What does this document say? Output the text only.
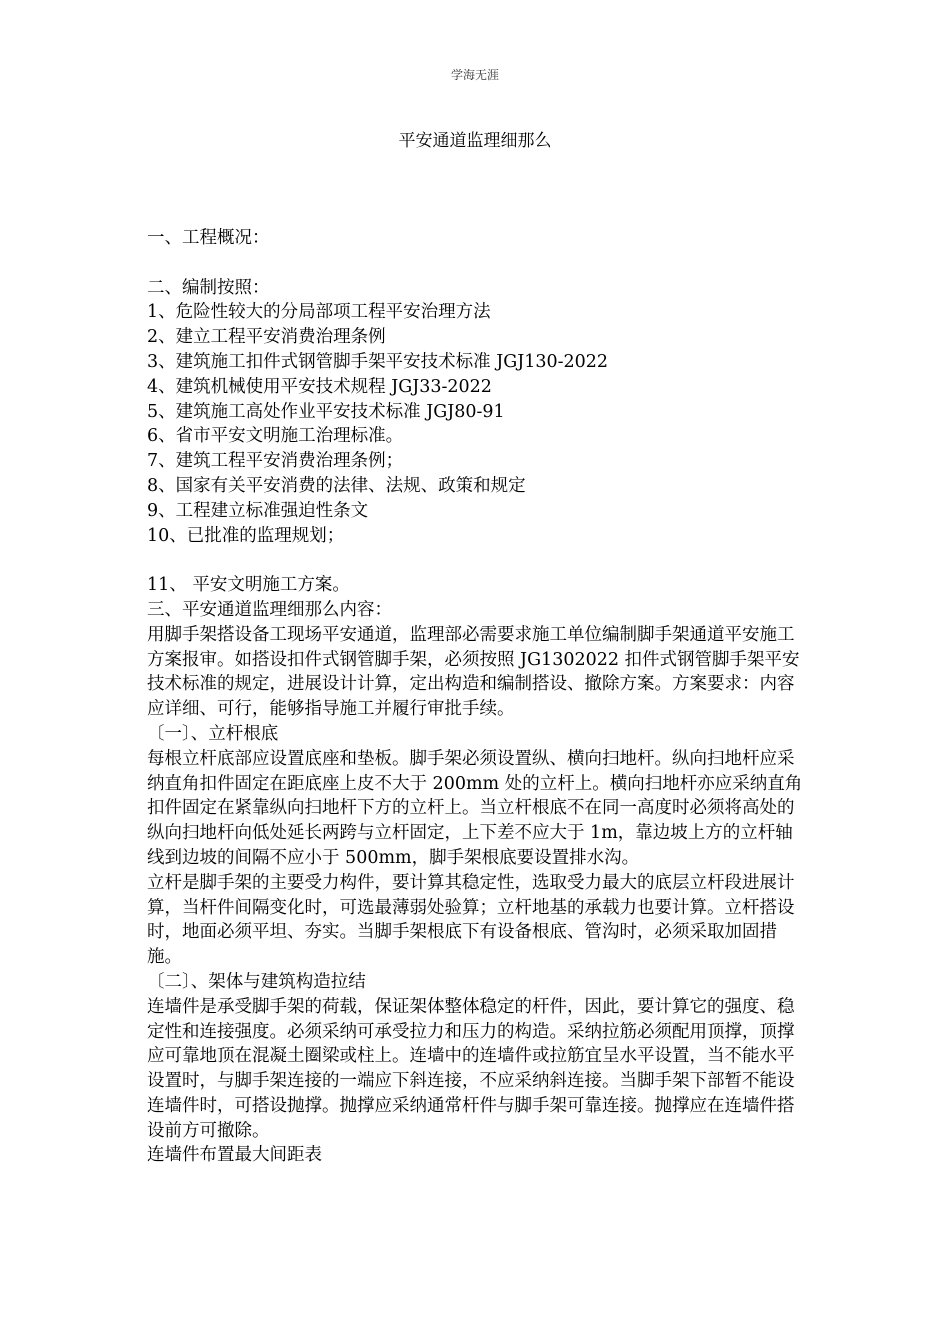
学海无涯
平安通道监理细那么

一、工程概况：

二、编制按照：

1、危险性较大的分局部项工程平安治理方法

2、建立工程平安消费治理条例

3、建筑施工扣件式钢管脚手架平安技术标准 JGJ130-2022

4、建筑机械使用平安技术规程 JGJ33-2022

5、建筑施工高处作业平安技术标准 JGJ80-91

6、省市平安文明施工治理标准。

7、建筑工程平安消费治理条例；

8、国家有关平安消费的法律、法规、政策和规定

9、工程建立标准强迫性条文

10、已批准的监理规划；

11、 平安文明施工方案。

三、平安通道监理细那么内容：

用脚手架搭设备工现场平安通道，监理部必需要求施工单位编制脚手架通道平安施工方案报审。如搭设扣件式钢管脚手架，必须按照 JG1302022 扣件式钢管脚手架平安技术标准的规定，进展设计计算，定出构造和编制搭设、撤除方案。方案要求：内容应详细、可行，能够指导施工并履行审批手续。

〔一〕、立杆根底

每根立杆底部应设置底座和垫板。脚手架必须设置纵、横向扫地杆。纵向扫地杆应采纳直角扣件固定在距底座上皮不大于 200mm 处的立杆上。横向扫地杆亦应采纳直角扣件固定在紧靠纵向扫地杆下方的立杆上。当立杆根底不在同一高度时必须将高处的纵向扫地杆向低处延长两跨与立杆固定，上下差不应大于 1m，靠边坡上方的立杆轴线到边坡的间隔不应小于 500mm，脚手架根底要设置排水沟。

立杆是脚手架的主要受力构件，要计算其稳定性，选取受力最大的底层立杆段进展计算，当杆件间隔变化时，可选最薄弱处验算；立杆地基的承载力也要计算。立杆搭设时，地面必须平坦、夯实。当脚手架根底下有设备根底、管沟时，必须采取加固措施。

〔二〕、架体与建筑构造拉结

连墙件是承受脚手架的荷载，保证架体整体稳定的杆件，因此，要计算它的强度、稳定性和连接强度。必须采纳可承受拉力和压力的构造。采纳拉筋必须配用顶撑，顶撑应可靠地顶在混凝土圈梁或柱上。连墙中的连墙件或拉筋宜呈水平设置，当不能水平设置时，与脚手架连接的一端应下斜连接，不应采纳斜连接。当脚手架下部暂不能设连墙件时，可搭设抛撑。抛撑应采纳通常杆件与脚手架可靠连接。抛撑应在连墙件搭设前方可撤除。

连墙件布置最大间距表
